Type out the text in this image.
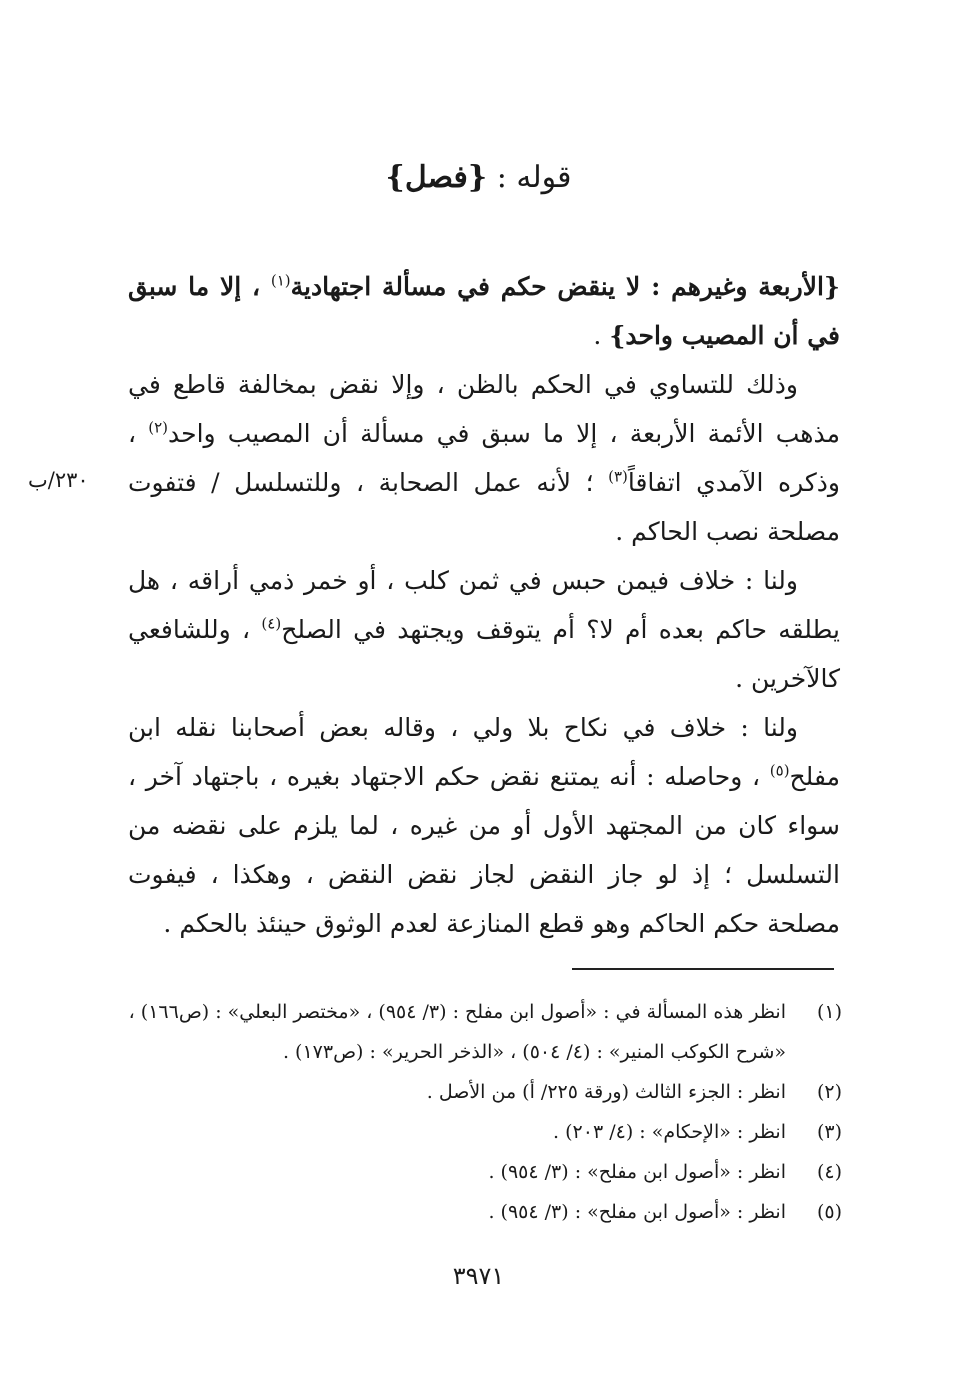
قوله : {فصل}
٢٣٠/ب

{الأربعة وغيرهم : لا ينقض حكم في مسألة اجتهادية$^{(١)}$ ، إلا ما سبق في أن المصيب واحد} .

وذلك للتساوي في الحكم بالظن ، وإلا نقض بمخالفة قاطع في مذهب الأئمة الأربعة ، إلا ما سبق في مسألة أن المصيب واحد$^{(٢)}$ ، وذكره الآمدي اتفاقاً$^{(٣)}$ ؛ لأنه عمل الصحابة ، وللتسلسل / فتفوت مصلحة نصب الحاكم .

ولنا : خلاف فيمن حبس في ثمن كلب ، أو خمر ذمي أراقه ، هل يطلقه حاكم بعده أم لا؟ أم يتوقف ويجتهد في الصلح$^{(٤)}$ ، وللشافعي كالآخرين .

ولنا : خلاف في نكاح بلا ولي ، وقاله بعض أصحابنا نقله ابن مفلح$^{(٥)}$ ، وحاصله : أنه يمتنع نقض حكم الاجتهاد بغيره ، باجتهاد آخر ، سواء كان من المجتهد الأول أو من غيره ، لما يلزم على نقضه من التسلسل ؛ إذ لو جاز النقض لجاز نقض النقض ، وهكذا ، فيفوت مصلحة حكم الحاكم وهو قطع المنازعة لعدم الوثوق حينئذ بالحكم .

(١)
انظر هذه المسألة في : «أصول ابن مفلح : (٣/ ٩٥٤) ، «مختصر البعلي» : (ص١٦٦) ، «شرح الكوكب المنير» : (٤/ ٥٠٤) ، «الذخر الحرير» : (ص١٧٣) .
(٢)
انظر : الجزء الثالث (ورقة ٢٢٥/ أ) من الأصل .
(٣)
انظر : «الإحكام» : (٤/ ٢٠٣) .
(٤)
انظر : «أصول ابن مفلح» : (٣/ ٩٥٤) .
(٥)
انظر : «أصول ابن مفلح» : (٣/ ٩٥٤) .
٣٩٧١
